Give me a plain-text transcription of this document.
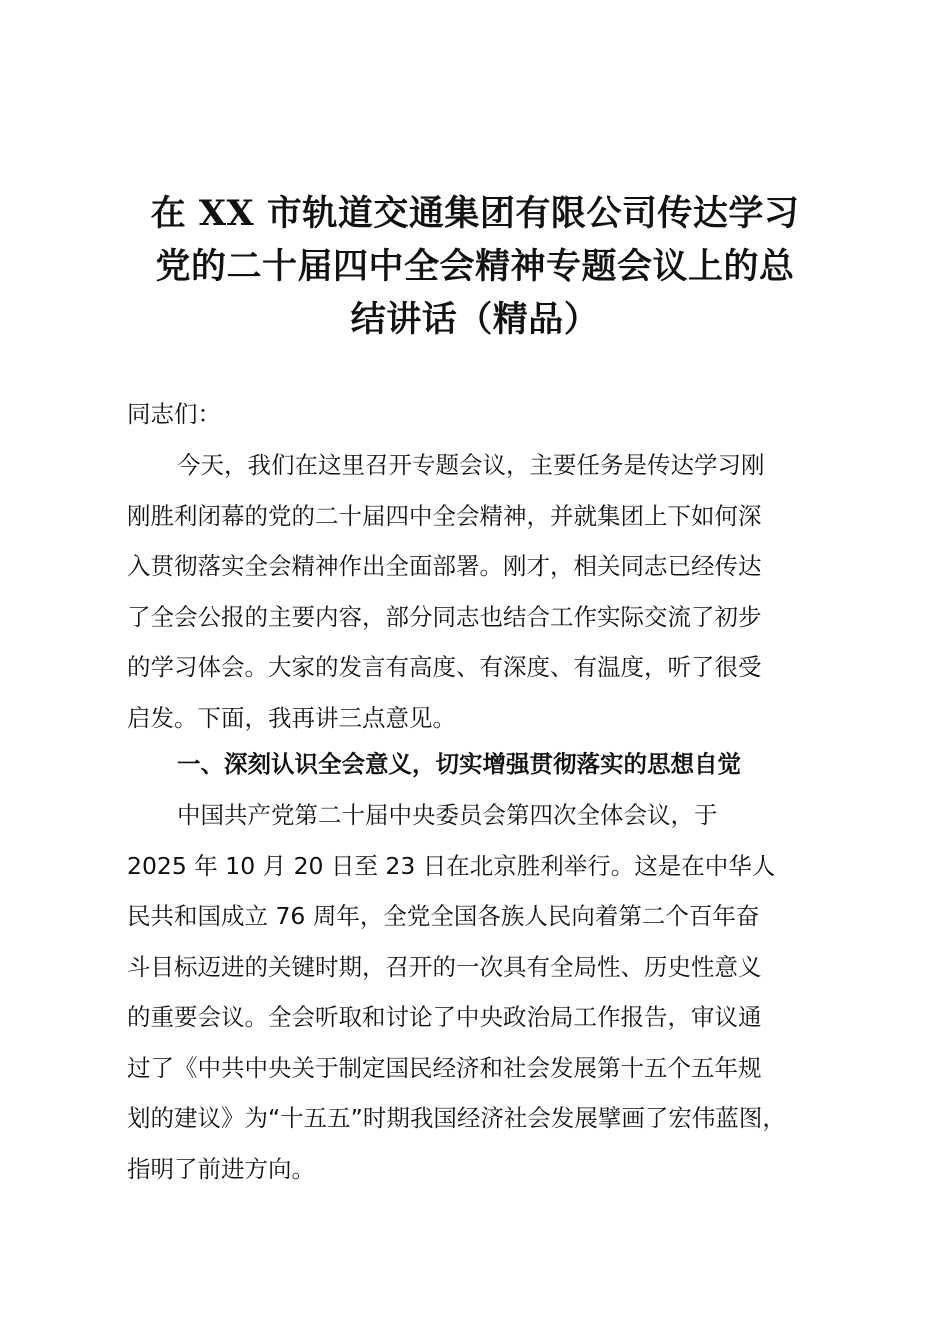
在 XX 市轨道交通集团有限公司传达学习
党的二十届四中全会精神专题会议上的总
结讲话（精品）
同志们：
今天，我们在这里召开专题会议，主要任务是传达学习刚
刚胜利闭幕的党的二十届四中全会精神，并就集团上下如何深
入贯彻落实全会精神作出全面部署。刚才，相关同志已经传达
了全会公报的主要内容，部分同志也结合工作实际交流了初步
的学习体会。大家的发言有高度、有深度、有温度，听了很受
启发。下面，我再讲三点意见。
一、深刻认识全会意义，切实增强贯彻落实的思想自觉
中国共产党第二十届中央委员会第四次全体会议，于
2025 年 10 月 20 日至 23 日在北京胜利举行。这是在中华人
民共和国成立 76 周年，全党全国各族人民向着第二个百年奋
斗目标迈进的关键时期，召开的一次具有全局性、历史性意义
的重要会议。全会听取和讨论了中央政治局工作报告，审议通
过了《中共中央关于制定国民经济和社会发展第十五个五年规
划的建议》为“十五五”时期我国经济社会发展擘画了宏伟蓝图，
指明了前进方向。
